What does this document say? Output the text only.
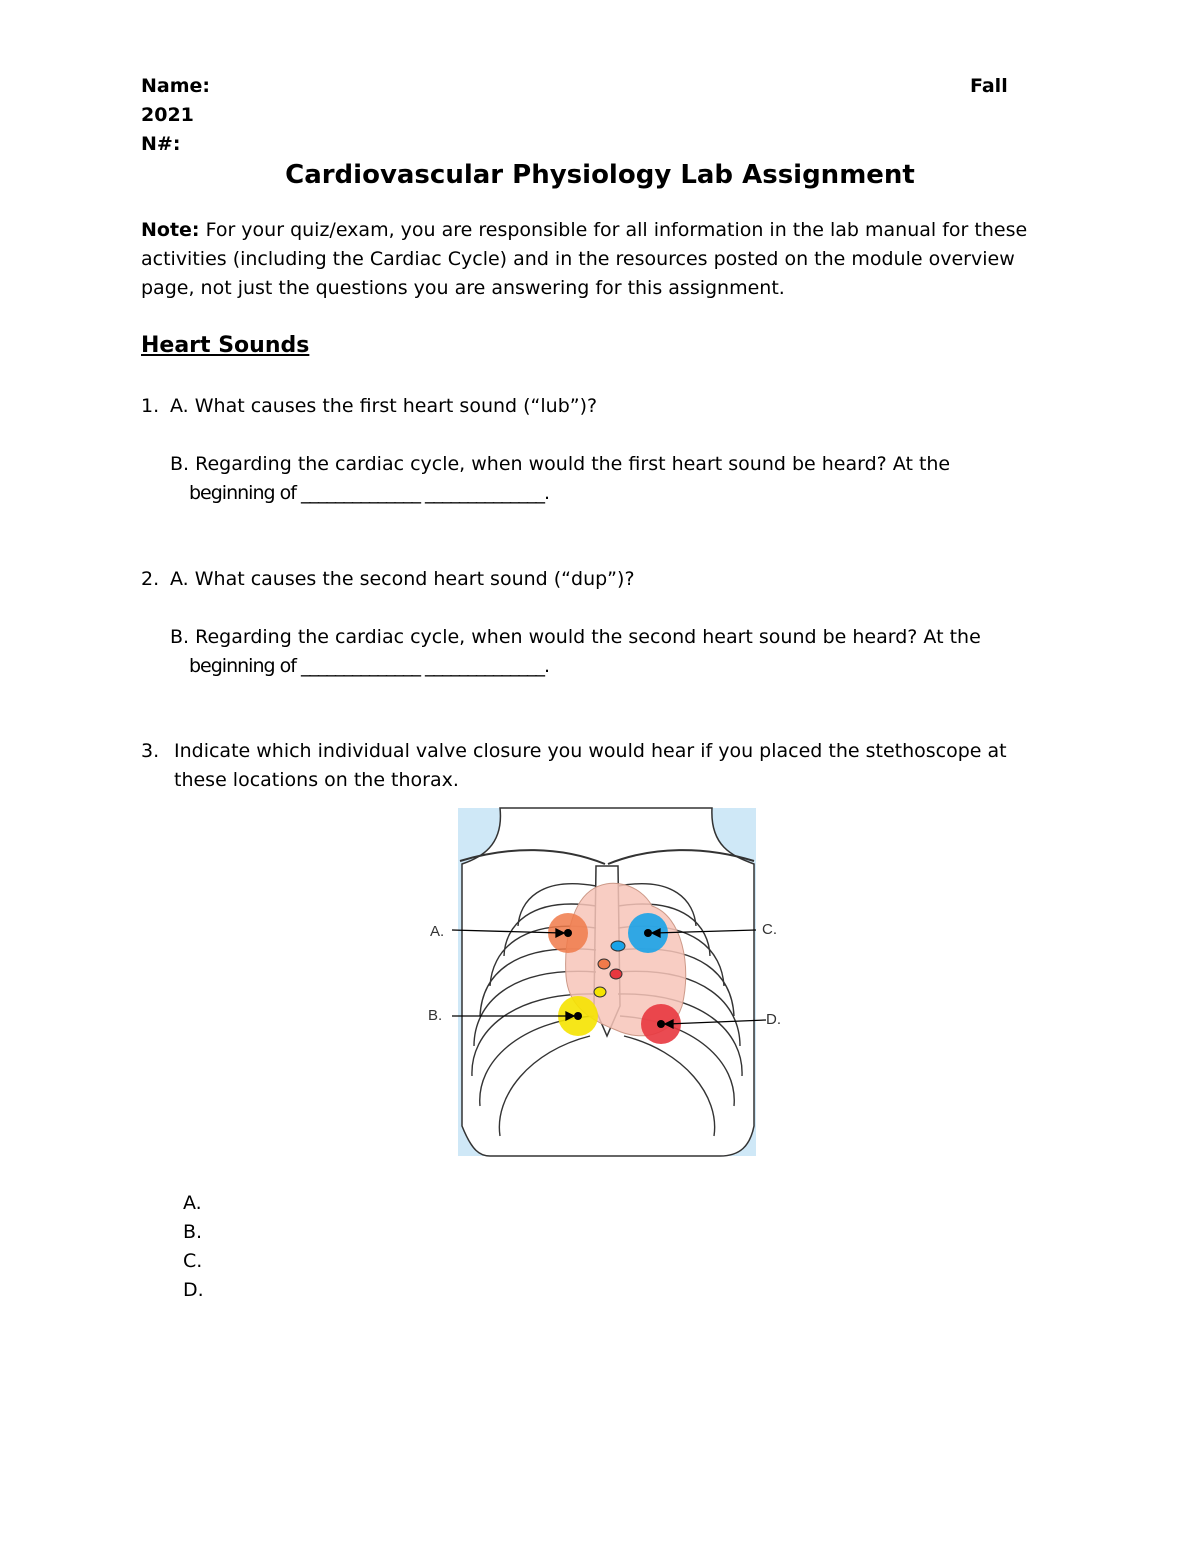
Name:	Fall
2021
N#:
Cardiovascular Physiology Lab Assignment
Note: For your quiz/exam, you are responsible for all information in the lab manual for these activities (including the Cardiac Cycle) and in the resources posted on the module overview page, not just the questions you are answering for this assignment.
Heart Sounds
1. A. What causes the first heart sound (“lub”)?
B. Regarding the cardiac cycle, when would the first heart sound be heard? At the
beginning of ______________ ______________.
2. A. What causes the second heart sound (“dup”)?
B. Regarding the cardiac cycle, when would the second heart sound be heard? At the
beginning of ______________ ______________.
3. Indicate which individual valve closure you would hear if you placed the stethoscope at
these locations on the thorax.
A.
B.
C.
D.
A.
B.
C.
D.
